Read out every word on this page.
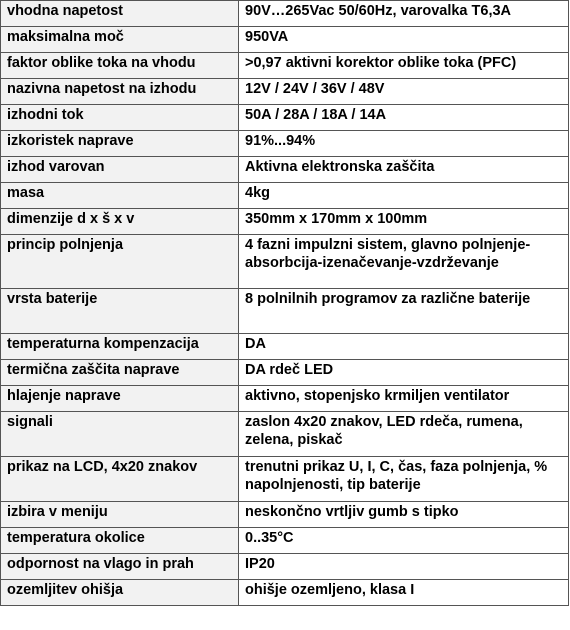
vhodna napetost	90V…265Vac 50/60Hz, varovalka T6,3A
maksimalna moč	950VA
faktor oblike toka na vhodu	>0,97 aktivni korektor oblike toka (PFC)
nazivna napetost na izhodu	12V / 24V / 36V / 48V
izhodni tok	50A / 28A / 18A / 14A
izkoristek naprave	91%...94%
izhod varovan	Aktivna elektronska zaščita
masa	4kg
dimenzije d x š x v	350mm x 170mm x 100mm
princip polnjenja	4 fazni impulzni sistem, glavno polnjenje-absorbcija-izenačevanje-vzdrževanje
vrsta baterije	8 polnilnih programov za različne baterije
temperaturna kompenzacija	DA
termična zaščita naprave	DA rdeč LED
hlajenje naprave	aktivno, stopenjsko krmiljen ventilator
signali	zaslon 4x20 znakov, LED rdeča, rumena, zelena, piskač
prikaz na LCD, 4x20 znakov	trenutni prikaz U, I, C, čas, faza polnjenja, % napolnjenosti, tip baterije
izbira v meniju	neskončno vrtljiv gumb s tipko
temperatura okolice	0..35°C
odpornost na vlago in prah	IP20
ozemljitev ohišja	ohišje ozemljeno, klasa I
